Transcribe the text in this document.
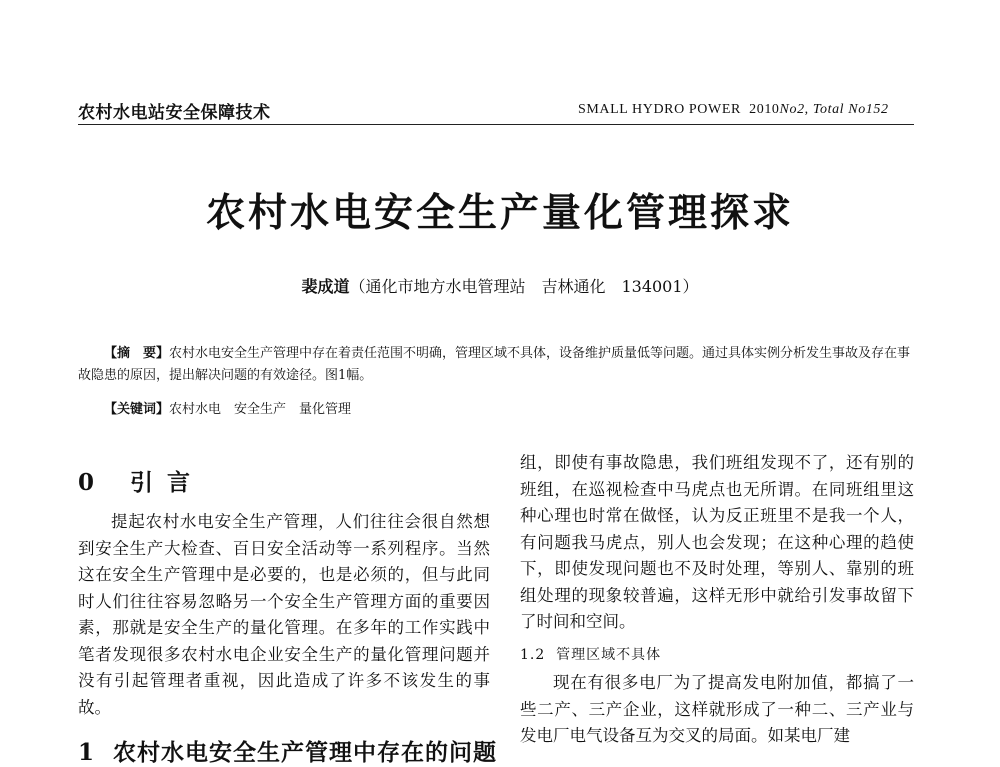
农村水电站安全保障技术	SMALL HYDRO POWER 2010No2, Total No152
农村水电安全生产量化管理探求
裴成道（通化市地方水电管理站　吉林通化　134001）
【摘　要】农村水电安全生产管理中存在着责任范围不明确，管理区域不具体，设备维护质量低等问题。通过具体实例分析发生事故及存在事故隐患的原因，提出解决问题的有效途径。图1幅。
【关键词】农村水电　安全生产　量化管理
0 引言

提起农村水电安全生产管理，人们往往会很自然想到安全生产大检查、百日安全活动等一系列程序。当然这在安全生产管理中是必要的，也是必须的，但与此同时人们往往容易忽略另一个安全生产管理方面的重要因素，那就是安全生产的量化管理。在多年的工作实践中笔者发现很多农村水电企业安全生产的量化管理问题并没有引起管理者重视，因此造成了许多不该发生的事故。

1 农村水电安全生产管理中存在的问题

组，即使有事故隐患，我们班组发现不了，还有别的班组，在巡视检查中马虎点也无所谓。在同班组里这种心理也时常在做怪，认为反正班里不是我一个人，有问题我马虎点，别人也会发现；在这种心理的趋使下，即使发现问题也不及时处理，等别人、靠别的班组处理的现象较普遍，这样无形中就给引发事故留下了时间和空间。

1.2 管理区域不具体

现在有很多电厂为了提高发电附加值，都搞了一些二产、三产企业，这样就形成了一种二、三产业与发电厂电气设备互为交叉的局面。如某电厂建
